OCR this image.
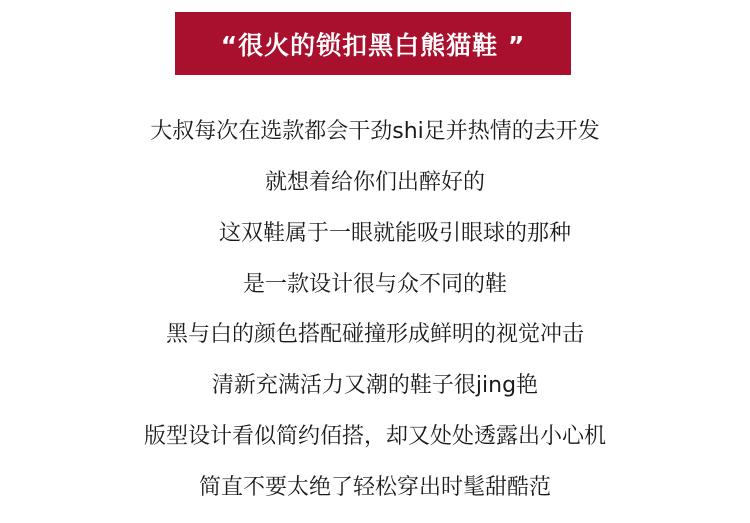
“很火的锁扣黑白熊猫鞋 ”
大叔每次在选款都会干劲shi足并热情的去开发
就想着给你们出醉好的
这双鞋属于一眼就能吸引眼球的那种
是一款设计很与众不同的鞋
黑与白的颜色搭配碰撞形成鲜明的视觉冲击
清新充满活力又潮的鞋子很jing艳
版型设计看似简约佰搭，却又处处透露出小心机
简直不要太绝了轻松穿出时髦甜酷范
